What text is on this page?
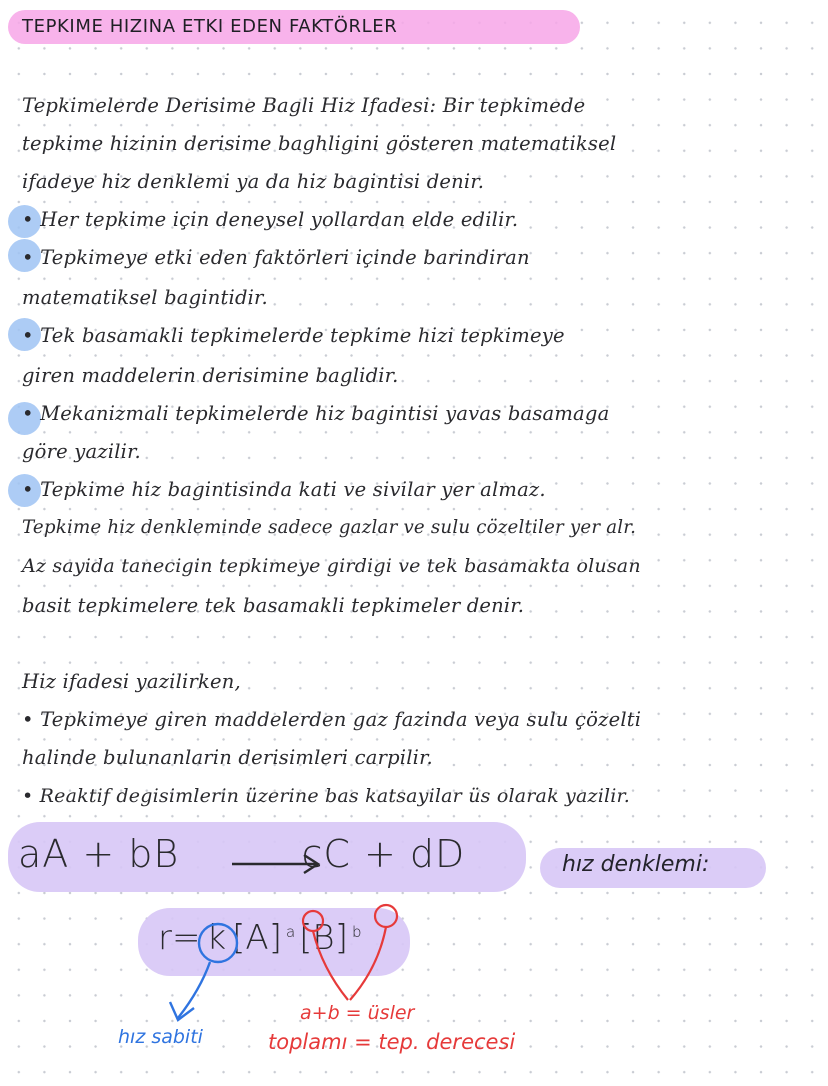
TEPKIME HIZINA ETKI EDEN FAKTÖRLER
Tepkimelerde Derisime Bagli Hiz Ifadesi: Bir tepkimede
tepkime hizinin derisime baghligini gösteren matematiksel
ifadeye hiz denklemi ya da hiz bagintisi denir.
• Her tepkime için deneysel yollardan elde edilir.
• Tepkimeye etki eden faktörleri içinde barindiran
matematiksel bagintidir.
• Tek basamakli tepkimelerde tepkime hizi tepkimeye
giren maddelerin derisimine baglidir.
• Mekanizmali tepkimelerde hiz bagintisi yavas basamaga
göre yazilir.
• Tepkime hiz bagintisinda kati ve sivilar yer almaz.
Tepkime hiz denkleminde sadece gazlar ve sulu cözeltiler yer alr.
Az sayida tanecigin tepkimeye girdigi ve tek basamakta olusan
basit tepkimelere tek basamakli tepkimeler denir.
Hiz ifadesi yazilirken,
• Tepkimeye giren maddelerden gaz fazinda veya sulu çözelti
halinde bulunanlarin derisimleri carpilir.
• Reaktif degisimlerin üzerine bas katsayilar üs olarak yazilir.
aA + bB	cC + dD	hız denklemi:
r= k [A] a [B] b
a+b = üsler
toplamı = tep. derecesi
hız sabiti
